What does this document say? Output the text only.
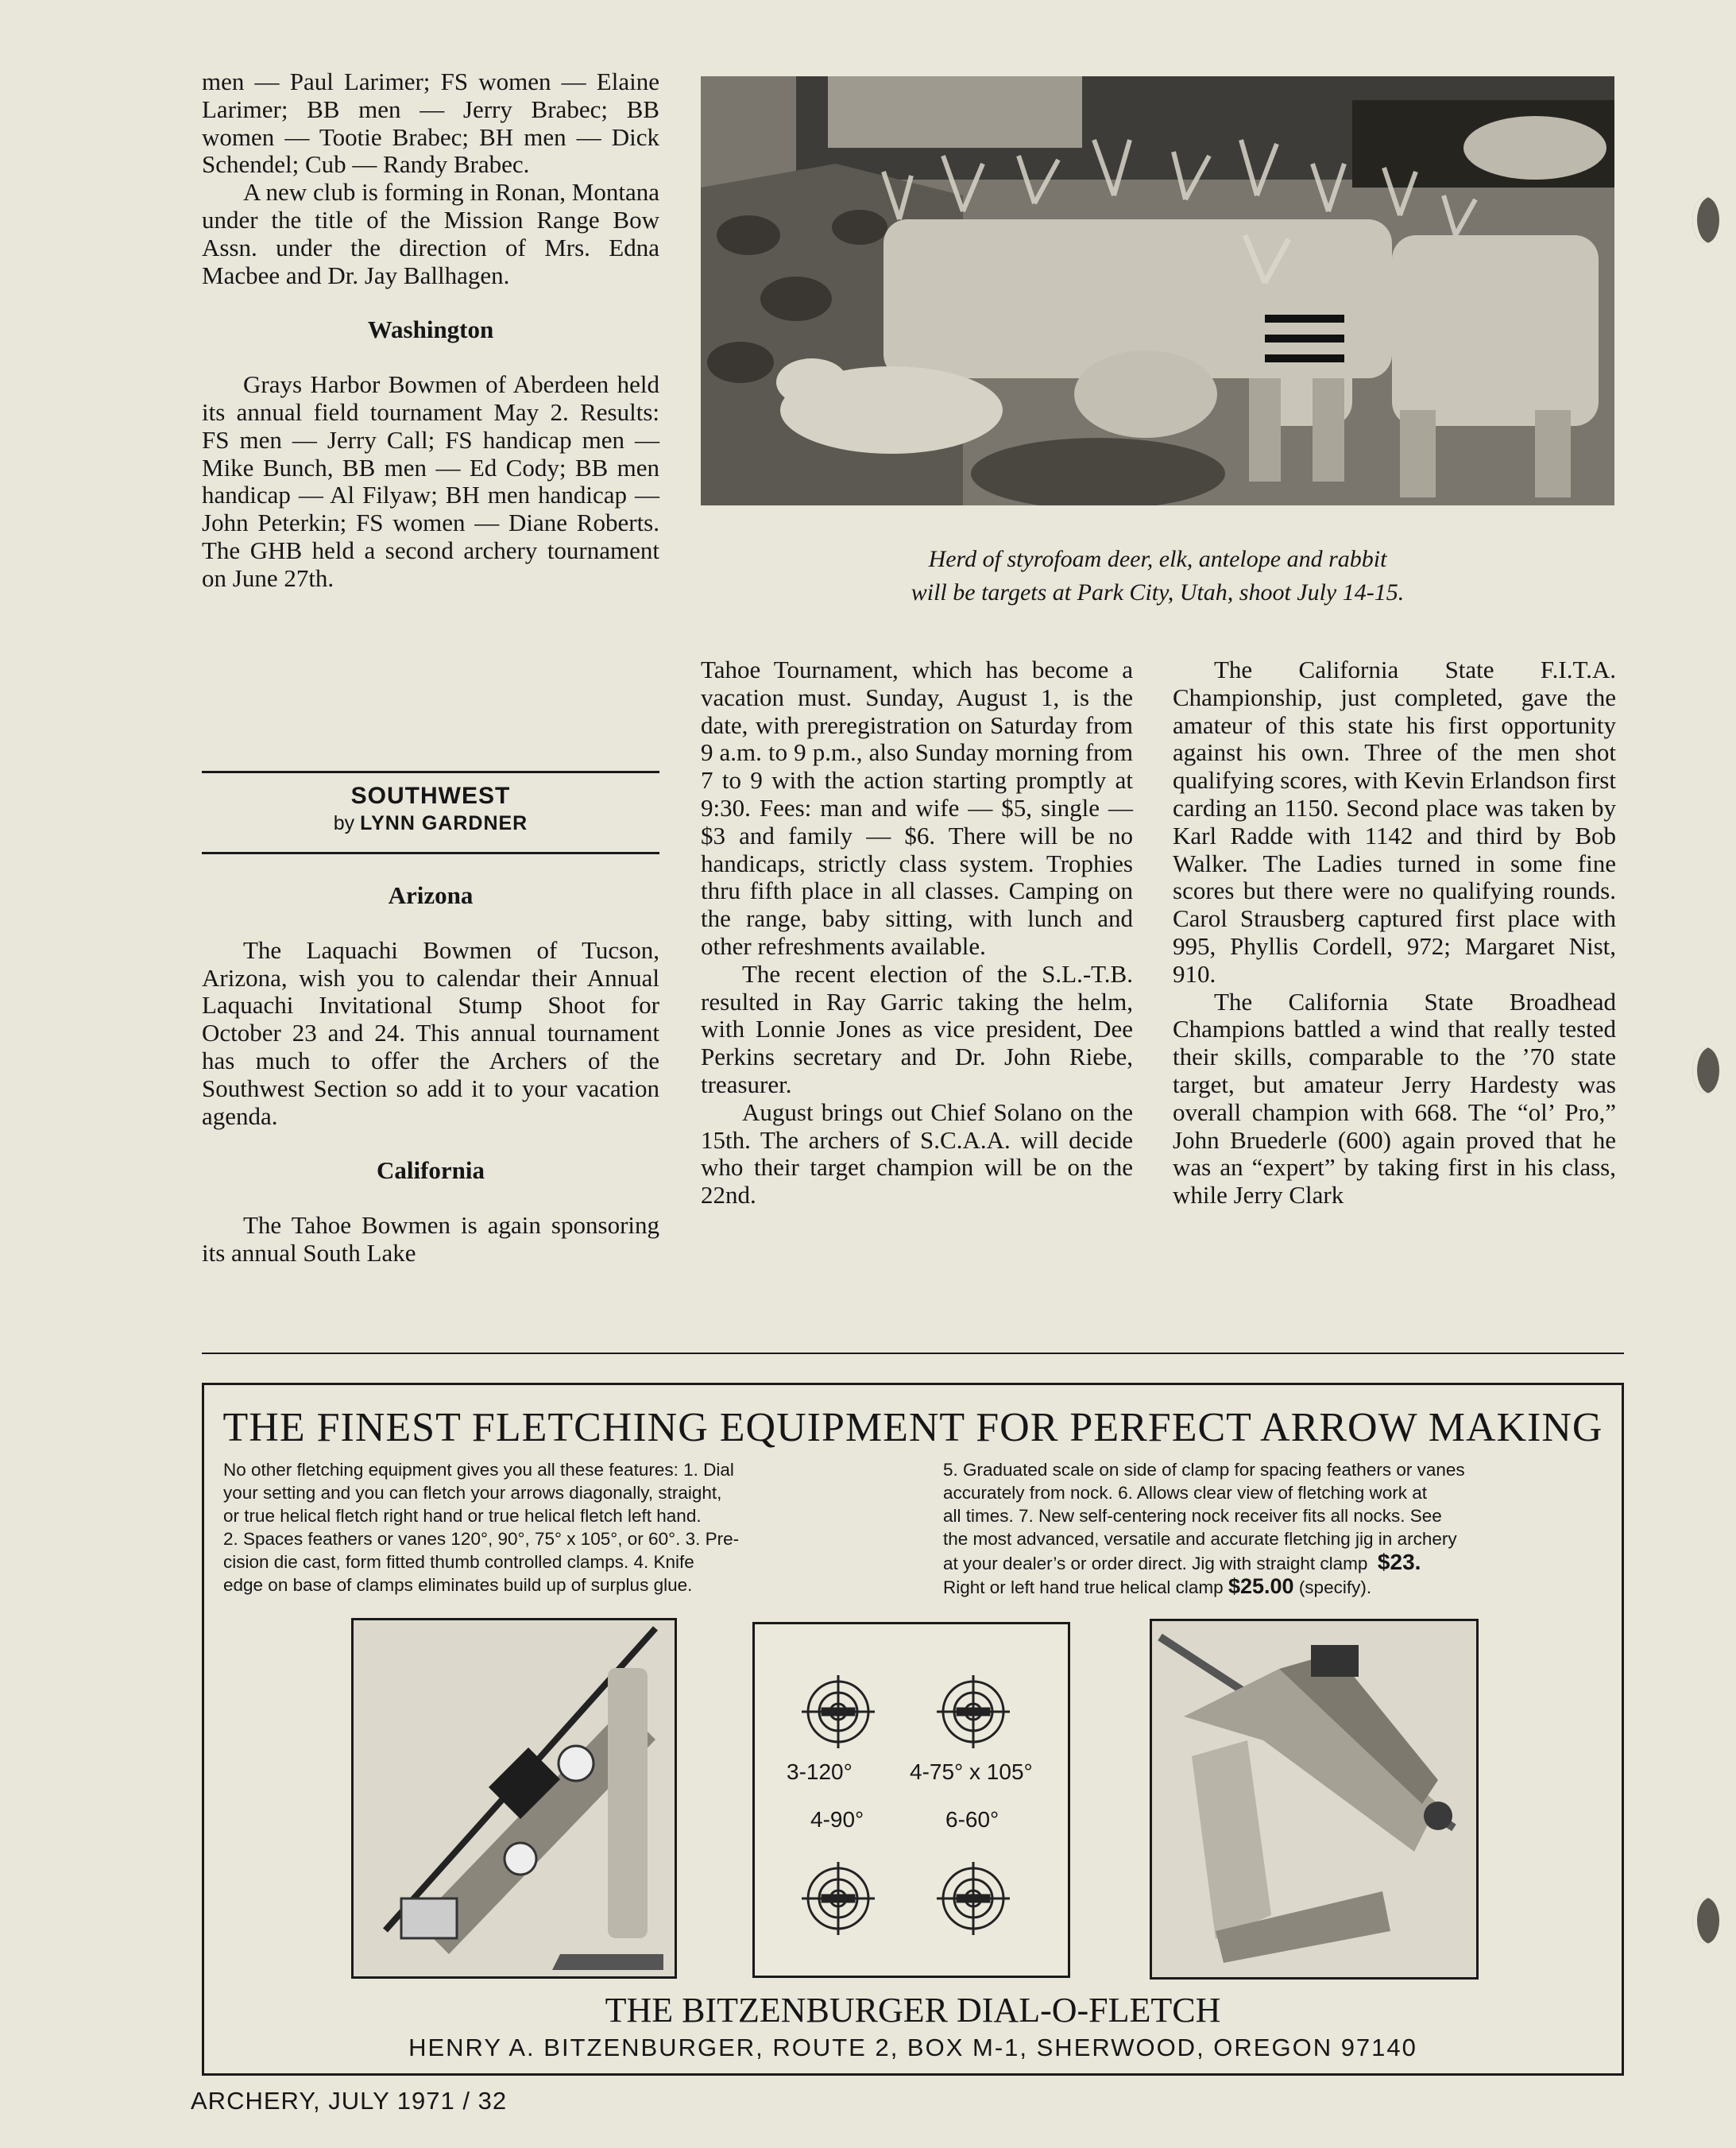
men — Paul Larimer; FS women — Elaine Larimer; BB men — Jerry Brabec; BB women — Tootie Brabec; BH men — Dick Schendel; Cub — Randy Brabec.

A new club is forming in Ronan, Montana under the title of the Mission Range Bow Assn. under the direction of Mrs. Edna Macbee and Dr. Jay Ballhagen.

Washington

Grays Harbor Bowmen of Aberdeen held its annual field tournament May 2. Results: FS men — Jerry Call; FS handicap men — Mike Bunch, BB men — Ed Cody; BB men handicap — Al Filyaw; BH men handicap — John Peterkin; FS women — Diane Roberts. The GHB held a second archery tournament on June 27th.

SOUTHWEST
by LYNN GARDNER
Arizona

The Laquachi Bowmen of Tucson, Arizona, wish you to calendar their Annual Laquachi Invitational Stump Shoot for October 23 and 24. This annual tournament has much to offer the Archers of the Southwest Section so add it to your vacation agenda.

California

The Tahoe Bowmen is again sponsoring its annual South Lake

Herd of styrofoam deer, elk, antelope and rabbit
will be targets at Park City, Utah, shoot July 14-15.

Tahoe Tournament, which has become a vacation must. Sunday, August 1, is the date, with preregistration on Saturday from 9 a.m. to 9 p.m., also Sunday morning from 7 to 9 with the action starting promptly at 9:30. Fees: man and wife — $5, single — $3 and family — $6. There will be no handicaps, strictly class system. Trophies thru fifth place in all classes. Camping on the range, baby sitting, with lunch and other refreshments available.

The recent election of the S.L.-T.B. resulted in Ray Garric taking the helm, with Lonnie Jones as vice president, Dee Perkins secretary and Dr. John Riebe, treasurer.

August brings out Chief Solano on the 15th. The archers of S.C.A.A. will decide who their target champion will be on the 22nd.

The California State F.I.T.A. Championship, just completed, gave the amateur of this state his first opportunity against his own. Three of the men shot qualifying scores, with Kevin Erlandson first carding an 1150. Second place was taken by Karl Radde with 1142 and third by Bob Walker. The Ladies turned in some fine scores but there were no qualifying rounds. Carol Strausberg captured first place with 995, Phyllis Cordell, 972; Margaret Nist, 910.

The California State Broadhead Champions battled a wind that really tested their skills, comparable to the ’70 state target, but amateur Jerry Hardesty was overall champion with 668. The “ol’ Pro,” John Bruederle (600) again proved that he was an “expert” by taking first in his class, while Jerry Clark

THE FINEST FLETCHING EQUIPMENT FOR PERFECT ARROW MAKING
No other fletching equipment gives you all these features: 1. Dial
your setting and you can fletch your arrows diagonally, straight,
or true helical fletch right hand or true helical fletch left hand.
2. Spaces feathers or vanes 120°, 90°, 75° x 105°, or 60°. 3. Pre-
cision die cast, form fitted thumb controlled clamps. 4. Knife
edge on base of clamps eliminates build up of surplus glue.
5. Graduated scale on side of clamp for spacing feathers or vanes
accurately from nock. 6. Allows clear view of fletching work at
all times. 7. New self-centering nock receiver fits all nocks. See
the most advanced, versatile and accurate fletching jig in archery
at your dealer’s or order direct. Jig with straight clamp $23.
Right or left hand true helical clamp $25.00 (specify).
3-120°	4-75° x 105°
4-90°	6-60°
THE BITZENBURGER DIAL-O-FLETCH
HENRY A. BITZENBURGER, ROUTE 2, BOX M-1, SHERWOOD, OREGON 97140
ARCHERY, JULY 1971 / 32
